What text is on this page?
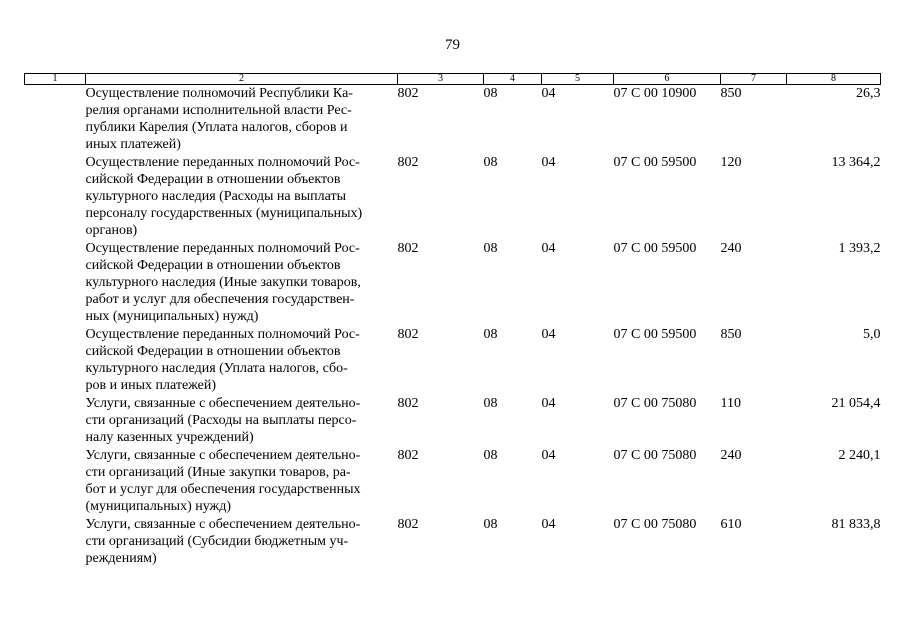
79
1	2	3	4	5	6	7	8

	Осуществление полномочий Республики Ка-
релия органами исполнительной власти Рес-
публики Карелия (Уплата налогов, сборов и
иных платежей)	802	08	04	07 С 00 10900	850	26,3

	Осуществление переданных полномочий Рос-
сийской Федерации в отношении объектов
культурного наследия (Расходы на выплаты
персоналу государственных (муниципальных)
органов)	802	08	04	07 С 00 59500	120	13 364,2

	Осуществление переданных полномочий Рос-
сийской Федерации в отношении объектов
культурного наследия (Иные закупки товаров,
работ и услуг для обеспечения государствен-
ных (муниципальных) нужд)	802	08	04	07 С 00 59500	240	1 393,2

	Осуществление переданных полномочий Рос-
сийской Федерации в отношении объектов
культурного наследия (Уплата налогов, сбо-
ров и иных платежей)	802	08	04	07 С 00 59500	850	5,0

	Услуги, связанные с обеспечением деятельно-
сти организаций (Расходы на выплаты персо-
налу казенных учреждений)	802	08	04	07 С 00 75080	110	21 054,4

	Услуги, связанные с обеспечением деятельно-
сти организаций (Иные закупки товаров, ра-
бот и услуг для обеспечения государственных
(муниципальных) нужд)	802	08	04	07 С 00 75080	240	2 240,1

	Услуги, связанные с обеспечением деятельно-
сти организаций (Субсидии бюджетным уч-
реждениям)	802	08	04	07 С 00 75080	610	81 833,8
